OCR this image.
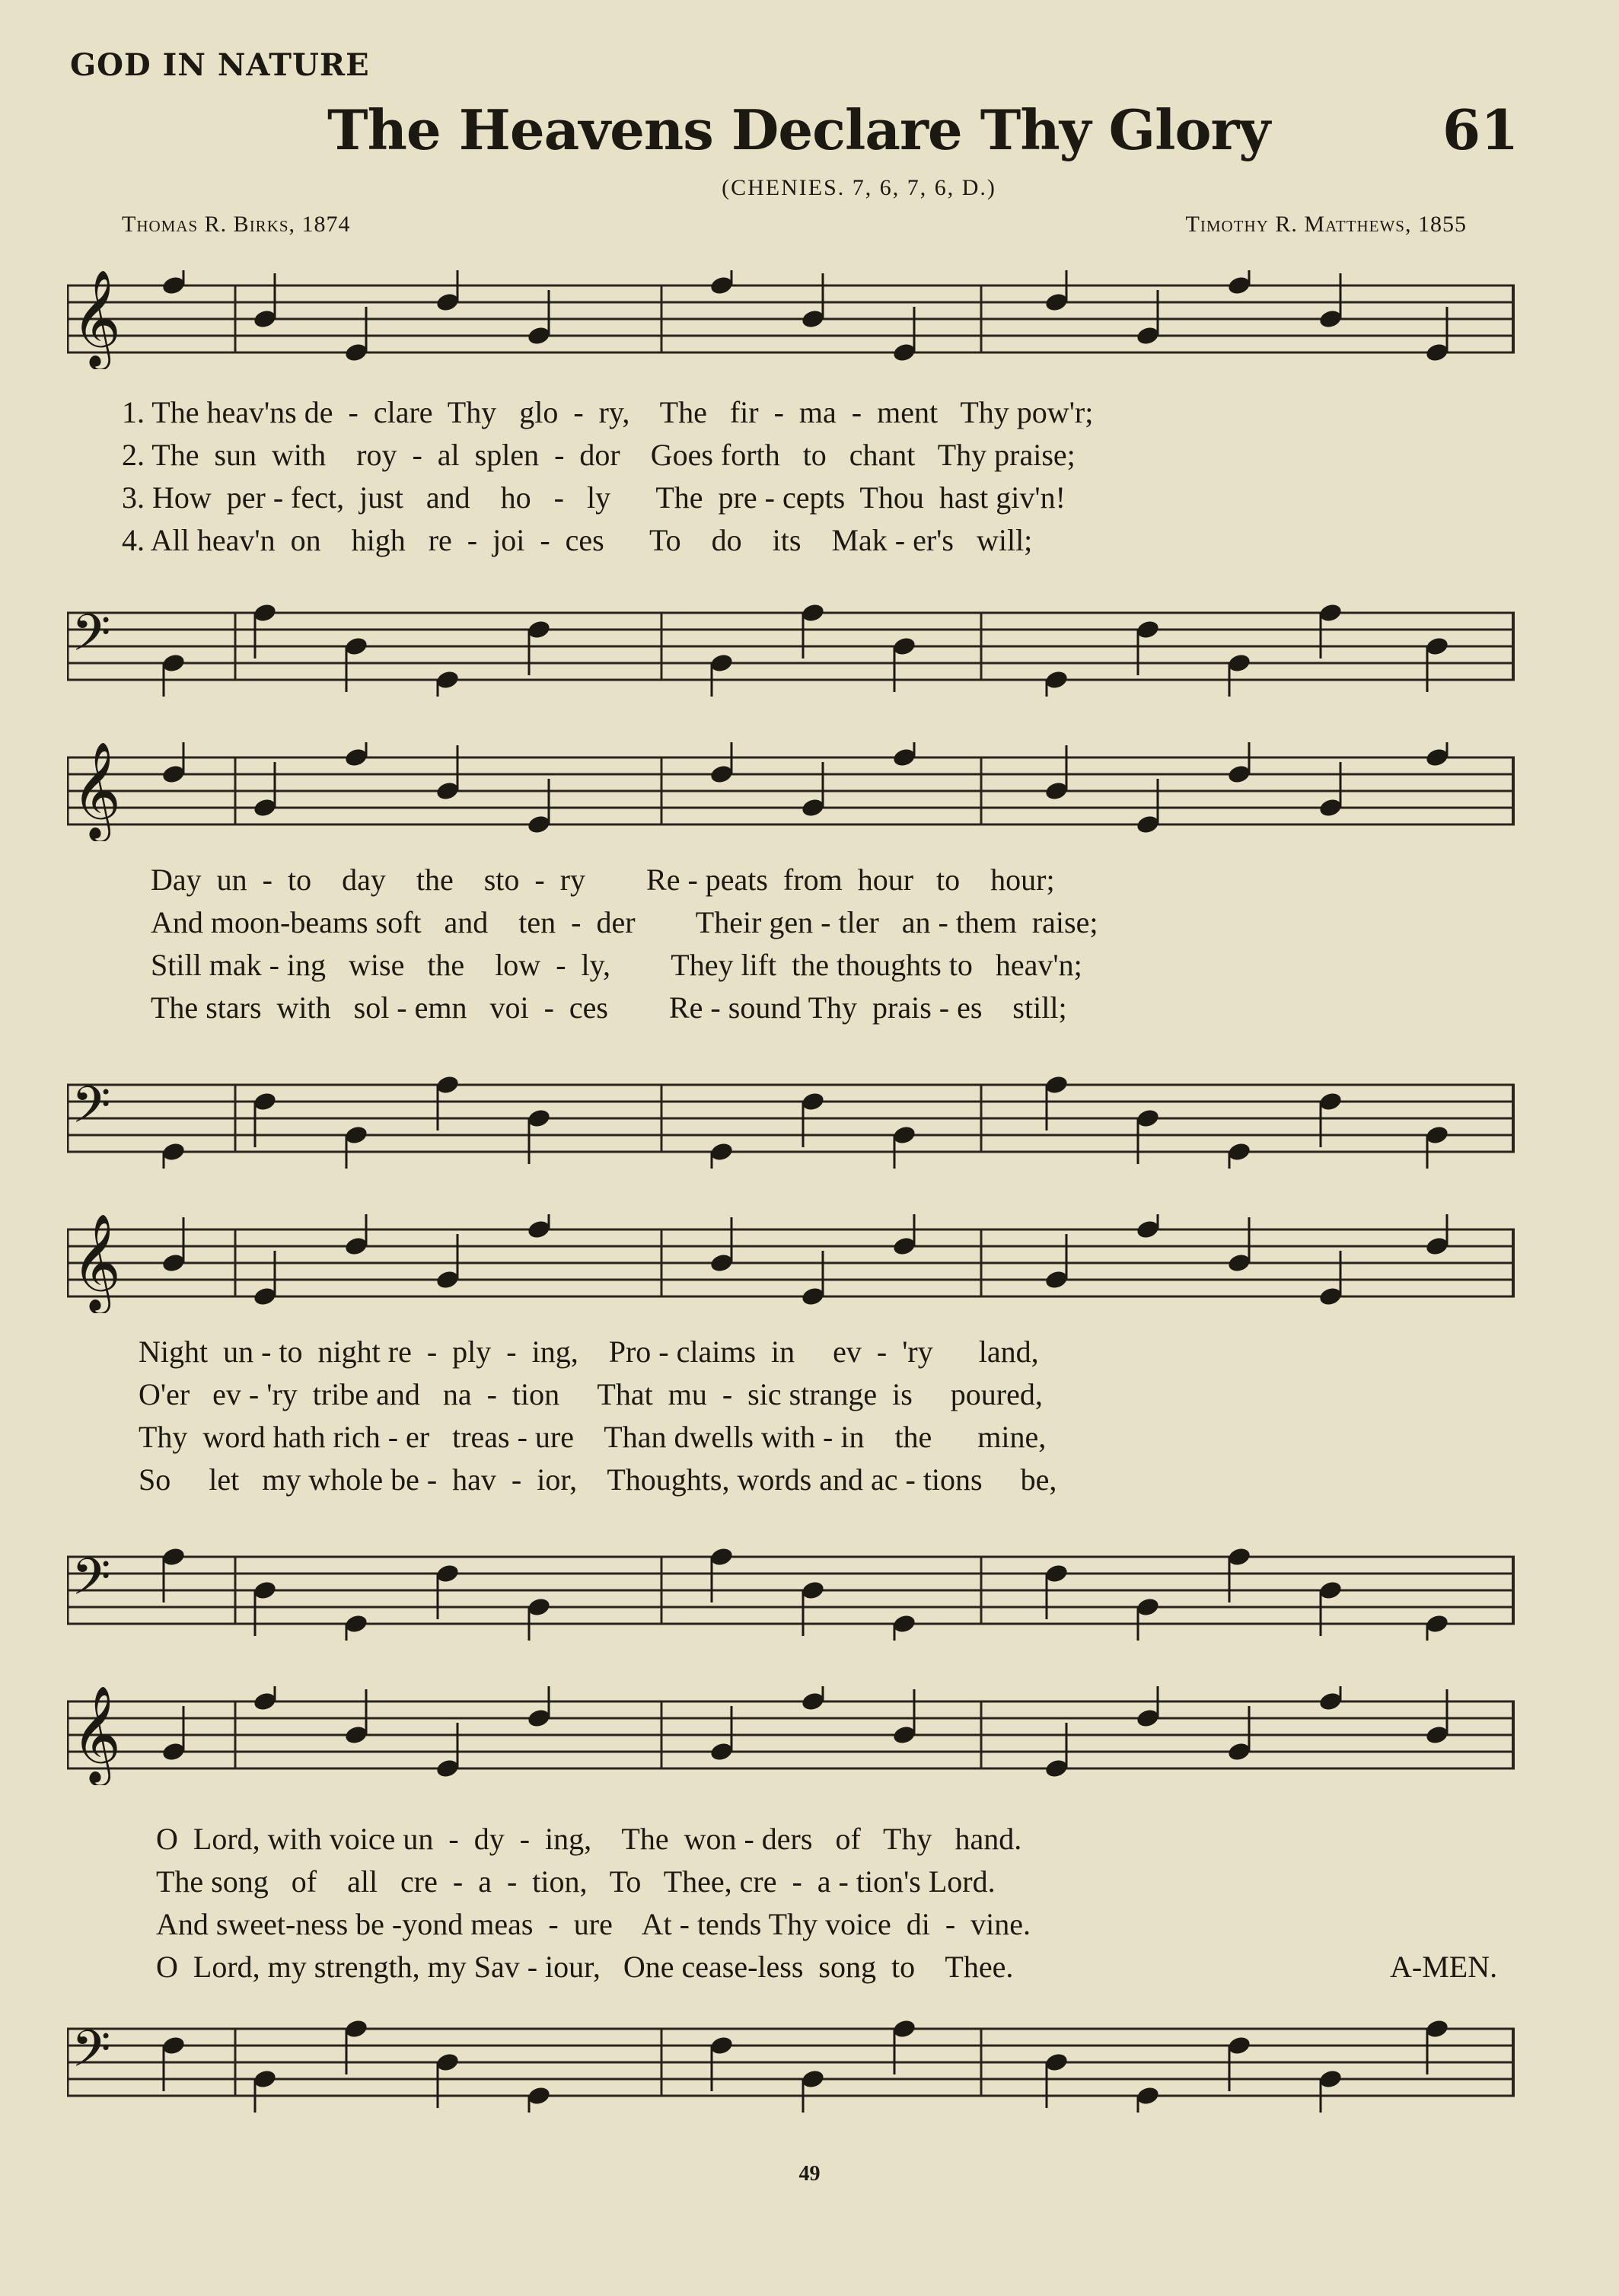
GOD IN NATURE
The Heavens Declare Thy Glory	61
(CHENIES. 7, 6, 7, 6, D.)
Thomas R. Birks, 1874	Timothy R. Matthews, 1855
𝄞
𝄢
𝄞
𝄢
𝄞
𝄢
𝄞
𝄢
1. The heav'ns de  -  clare  Thy   glo  -  ry,    The   fir  -  ma  -  ment   Thy pow'r;
2. The  sun  with    roy  -  al  splen  -  dor    Goes forth   to   chant   Thy praise;
3. How  per - fect,  just   and    ho   -   ly      The  pre - cepts  Thou  hast giv'n!
4. All heav'n  on    high   re  -  joi  -  ces      To    do    its    Mak - er's   will;
Day  un  -  to    day    the    sto  -  ry        Re - peats  from  hour   to    hour;
And moon-beams soft   and    ten  -  der        Their gen - tler   an - them  raise;
Still mak - ing   wise   the    low  -  ly,        They lift  the thoughts to   heav'n;
The stars  with   sol - emn   voi  -  ces        Re - sound Thy  prais - es    still;
Night  un - to  night re  -  ply  -  ing,    Pro - claims  in     ev  -  'ry      land,
O'er   ev - 'ry  tribe and   na  -  tion     That  mu  -  sic strange  is     poured,
Thy  word hath rich - er   treas - ure    Than dwells with - in    the      mine,
So     let   my whole be -  hav  -  ior,    Thoughts, words and ac - tions     be,
O  Lord, with voice un  -  dy  -  ing,    The  won - ders   of   Thy   hand.
The song   of    all   cre  -  a  -  tion,   To   Thee, cre  -  a - tion's Lord.
And sweet-ness be -yond meas  -  ure    At - tends Thy voice  di  -  vine.
O  Lord, my strength, my Sav - iour,   One cease-less  song  to    Thee.	A-MEN.
49
